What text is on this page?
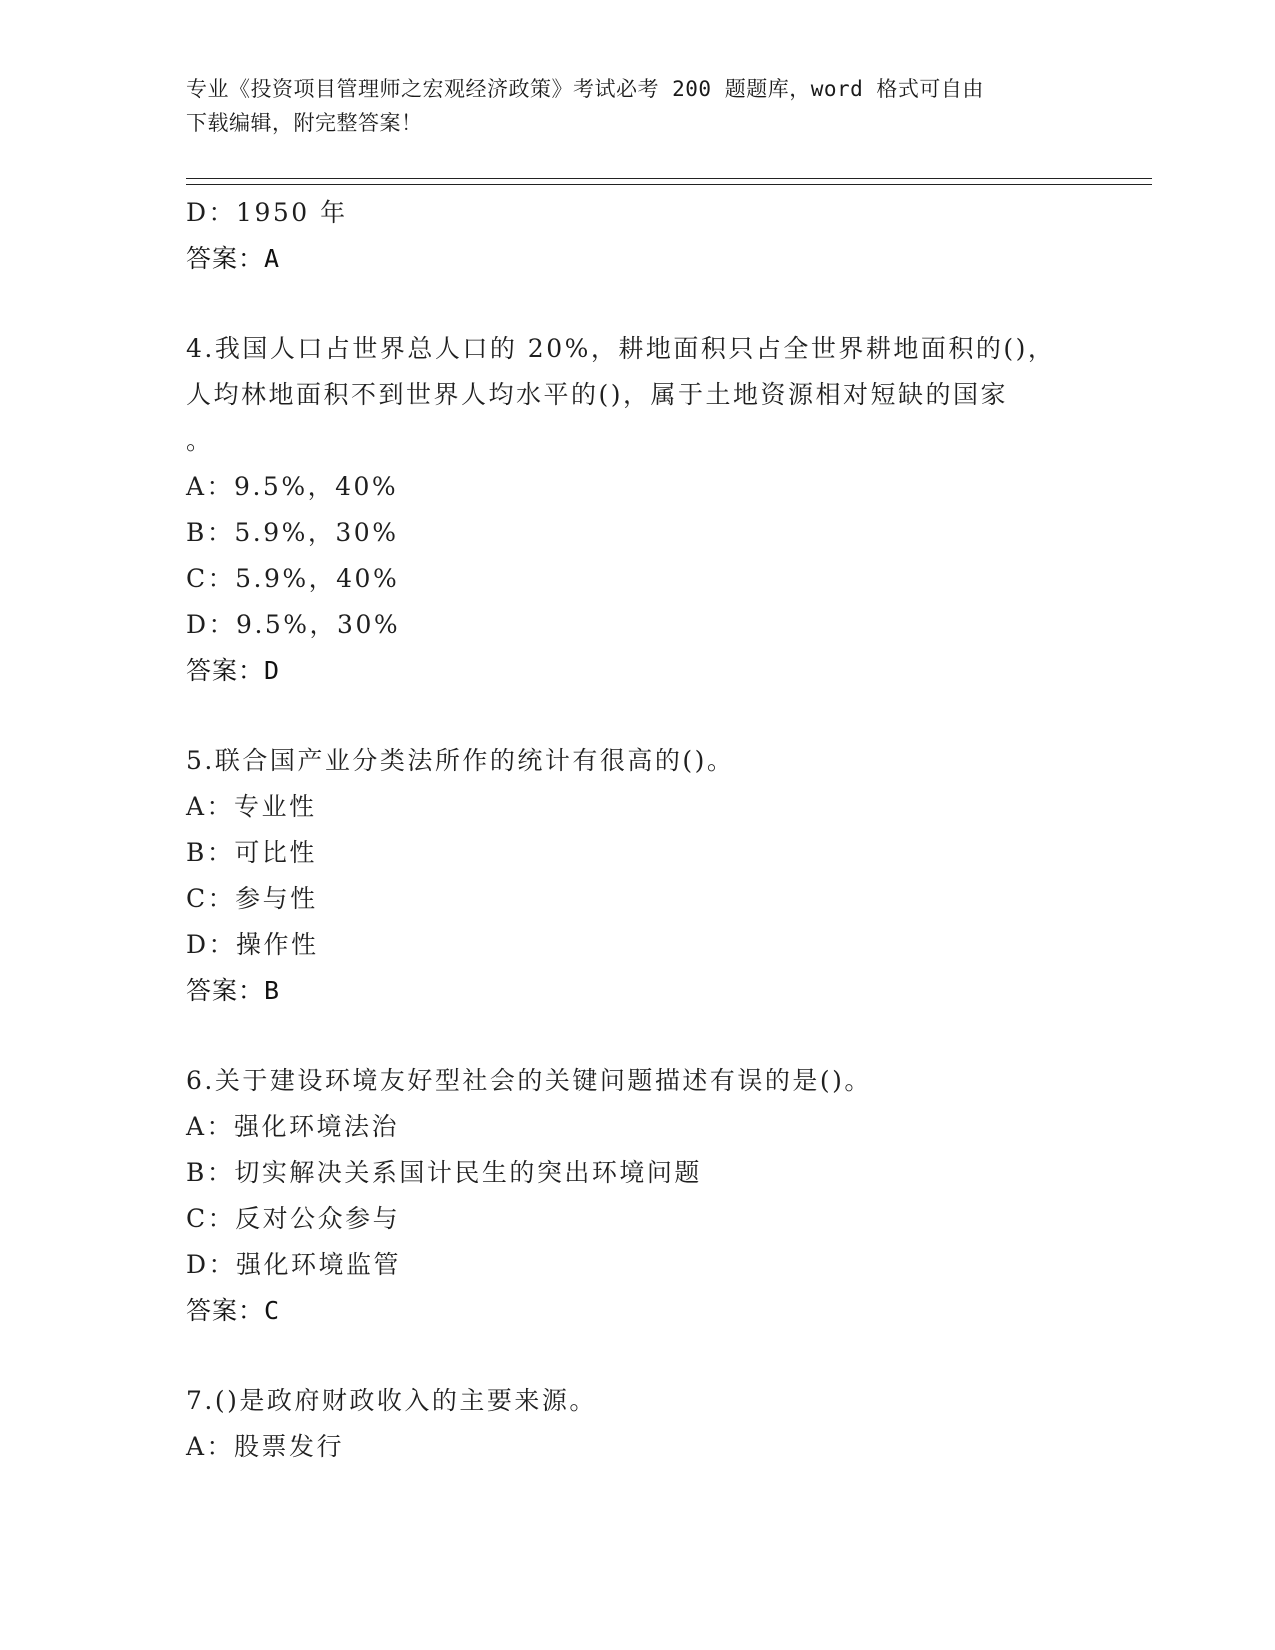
专业《投资项目管理师之宏观经济政策》考试必考 200 题题库，word 格式可自由
下载编辑，附完整答案！
D：1950 年
答案：A
4.我国人口占世界总人口的 20%，耕地面积只占全世界耕地面积的()，
人均林地面积不到世界人均水平的()，属于土地资源相对短缺的国家
。
A：9.5%，40%
B：5.9%，30%
C：5.9%，40%
D：9.5%，30%
答案：D
5.联合国产业分类法所作的统计有很高的()。
A：专业性
B：可比性
C：参与性
D：操作性
答案：B
6.关于建设环境友好型社会的关键问题描述有误的是()。
A：强化环境法治
B：切实解决关系国计民生的突出环境问题
C：反对公众参与
D：强化环境监管
答案：C
7.()是政府财政收入的主要来源。
A：股票发行
